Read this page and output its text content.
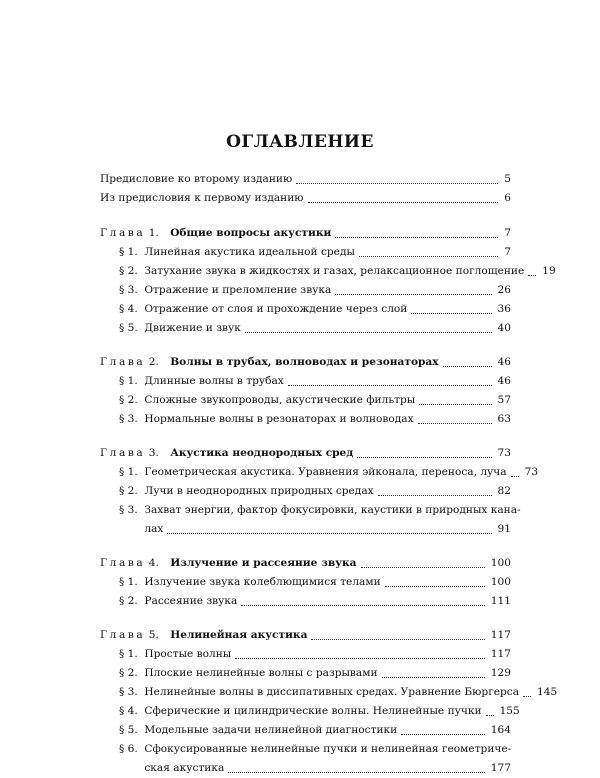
ОГЛАВЛЕНИЕ
Предисловие ко второму изданию	5
Из предисловия к первому изданию	6
Глава 1. Общие вопросы акустики	7
§ 1. Линейная акустика идеальной среды	7
§ 2. Затухание звука в жидкостях и газах, релаксационное поглощение 19
§ 3. Отражение и преломление звука	26
§ 4. Отражение от слоя и прохождение через слой	36
§ 5. Движение и звук	40
Глава 2. Волны в трубах, волноводах и резонаторах	46
§ 1. Длинные волны в трубах	46
§ 2. Сложные звукопроводы, акустические фильтры	57
§ 3. Нормальные волны в резонаторах и волноводах	63
Глава 3. Акустика неоднородных сред	73
§ 1. Геометрическая акустика. Уравнения эйконала, переноса, луча 73
§ 2. Лучи в неоднородных природных средах	82
§ 3. Захват энергии, фактор фокусировки, каустики в природных кана-
лах	91
Глава 4. Излучение и рассеяние звука	100
§ 1. Излучение звука колеблющимися телами	100
§ 2. Рассеяние звука	111
Глава 5. Нелинейная акустика	117
§ 1. Простые волны	117
§ 2. Плоские нелинейные волны с разрывами	129
§ 3. Нелинейные волны в диссипативных средах. Уравнение Бюргерса 145
§ 4. Сферические и цилиндрические волны. Нелинейные пучки 155
§ 5. Модельные задачи нелинейной диагностики	164
§ 6. Сфокусированные нелинейные пучки и нелинейная геометриче-
ская акустика	177
